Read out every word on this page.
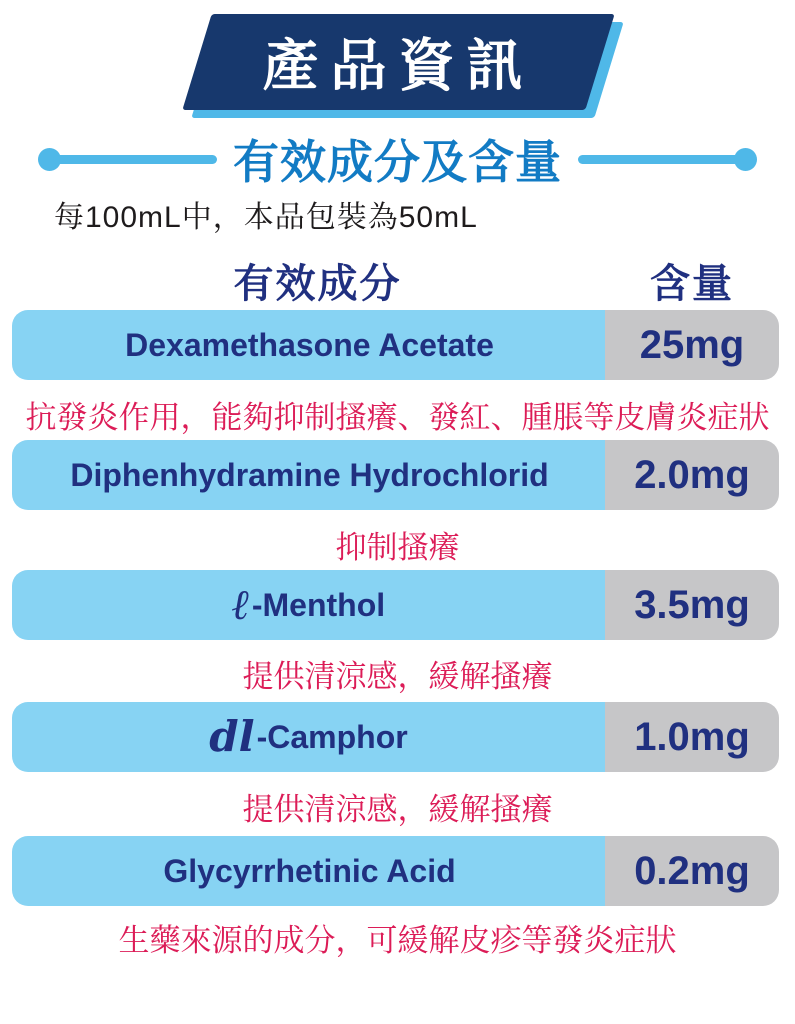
產品資訊
有效成分及含量
每100mL中，本品包裝為50mL
有效成分	含量
Dexamethasone Acetate	25mg
抗發炎作用，能夠抑制搔癢、發紅、腫脹等皮膚炎症狀
Diphenhydramine Hydrochlorid	2.0mg
抑制搔癢
ℓ -Menthol	3.5mg
提供清涼感，緩解搔癢
dl -Camphor	1.0mg
提供清涼感，緩解搔癢
Glycyrrhetinic Acid	0.2mg
生藥來源的成分，可緩解皮疹等發炎症狀
